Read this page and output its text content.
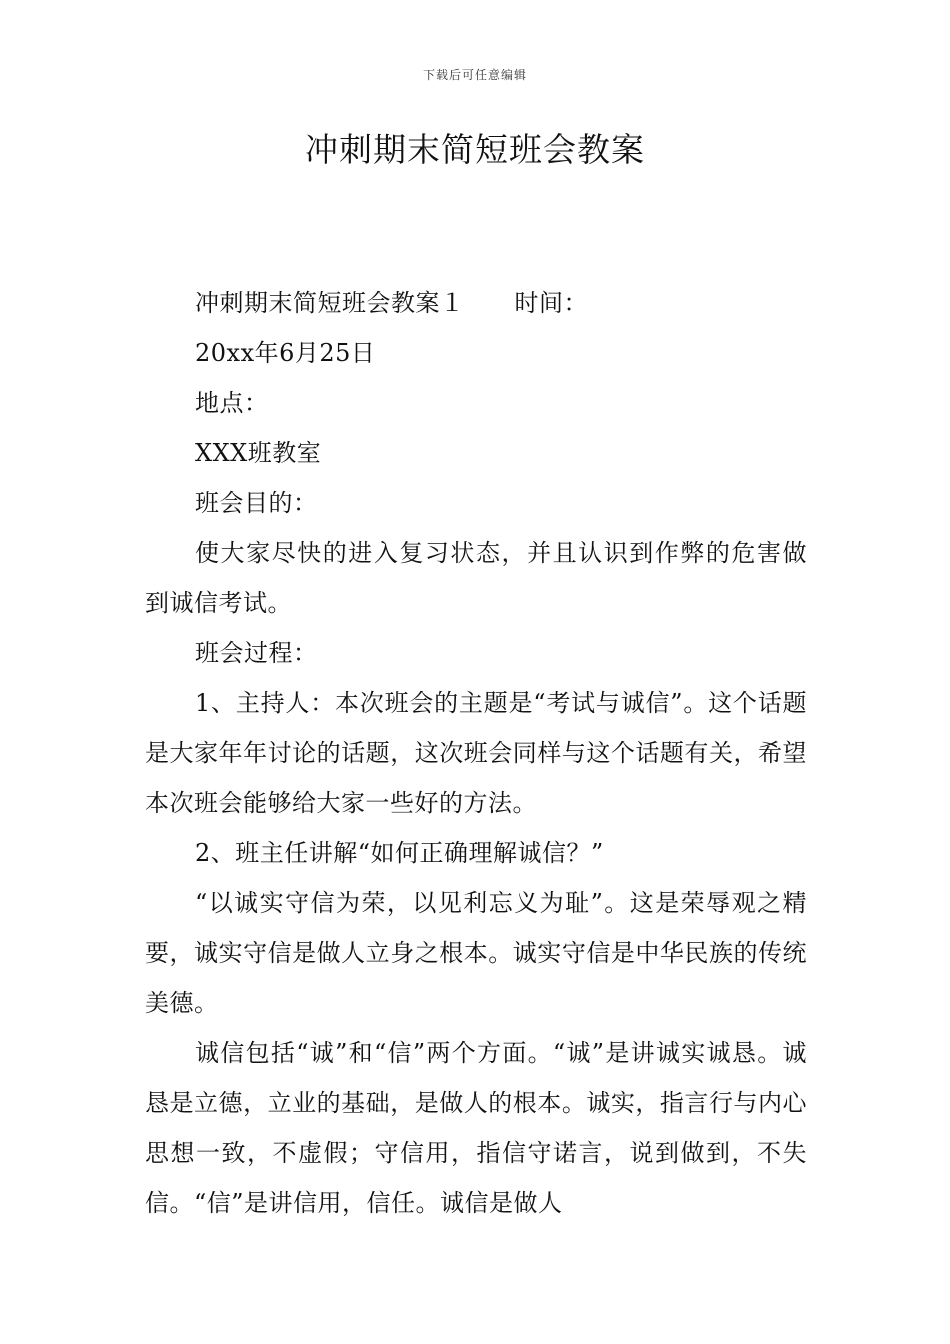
下载后可任意编辑
冲刺期末简短班会教案

冲刺期末简短班会教案１ 时间：

20xx年6月25日

地点：

XXX班教室

班会目的：

使大家尽快的进入复习状态，并且认识到作弊的危害做到诚信考试。

班会过程：

1、主持人：本次班会的主题是“考试与诚信”。这个话题是大家年年讨论的话题，这次班会同样与这个话题有关，希望本次班会能够给大家一些好的方法。

2、班主任讲解“如何正确理解诚信？”

“以诚实守信为荣，以见利忘义为耻”。这是荣辱观之精要，诚实守信是做人立身之根本。诚实守信是中华民族的传统美德。

诚信包括“诚”和“信”两个方面。“诚”是讲诚实诚恳。诚恳是立德，立业的基础，是做人的根本。诚实，指言行与内心思想一致，不虚假；守信用，指信守诺言，说到做到，不失信。“信”是讲信用，信任。诚信是做人
